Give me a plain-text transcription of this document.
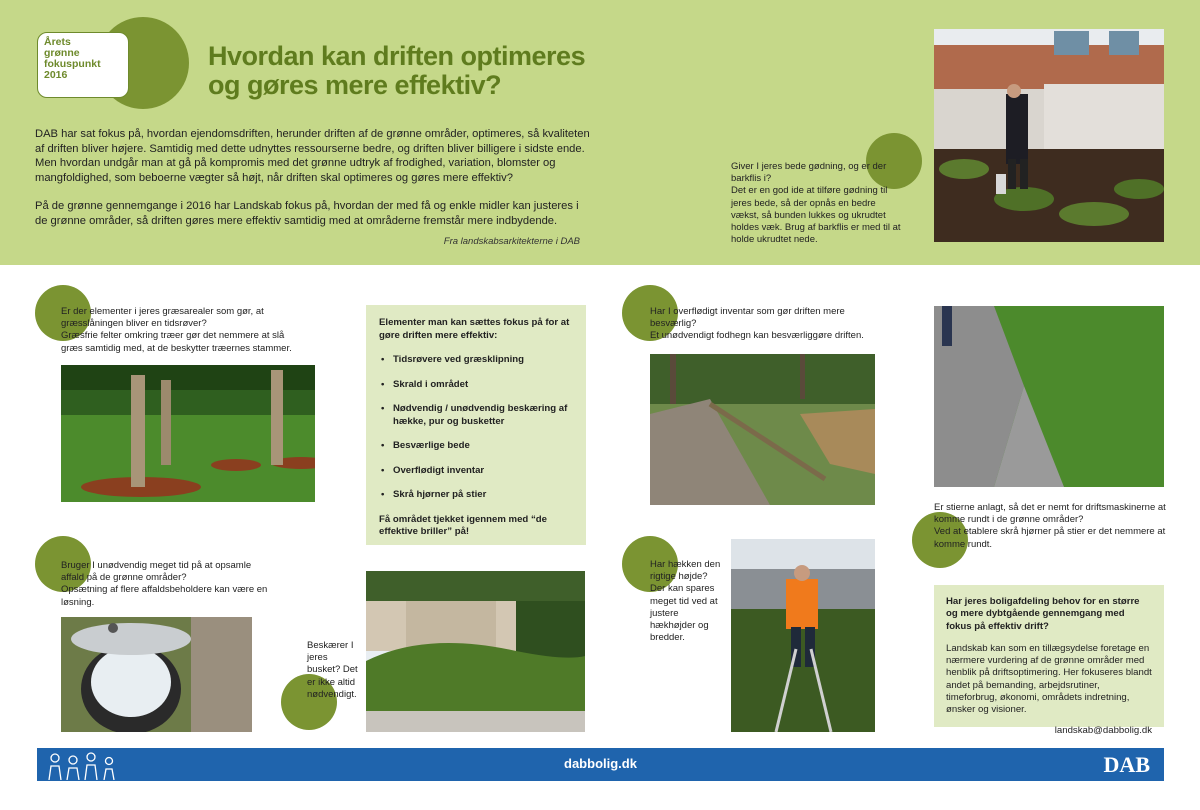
Årets
grønne
fokuspunkt
2016
Hvordan kan driften optimeres
og gøres mere effektiv?

DAB har sat fokus på, hvordan ejendomsdriften, herunder driften af de grønne områder, optimeres, så kvaliteten af driften bliver højere. Samtidig med dette udnyttes ressourserne bedre, og driften bliver billigere i sidste ende. Men hvordan undgår man at gå på kompromis med det grønne udtryk af frodighed, variation, blomster og mangfoldighed, som beboerne vægter så højt, når driften skal optimeres og gøres mere effektiv?

På de grønne gennemgange i 2016 har Landskab fokus på, hvordan der med få og enkle midler kan justeres i de grønne områder, så driften gøres mere effektiv samtidig med at områderne fremstår mere indbydende.

Fra landskabsarkitekterne i DAB
Giver I jeres bede gødning, og er der barkflis i?
Det er en god ide at tilføre gødning til jeres bede, så der opnås en bedre vækst, så bunden lukkes og ukrudtet holdes væk. Brug af barkflis er med til at holde ukrudtet nede.
Er der elementer i jeres græsarealer som gør, at græsslåningen bliver en tidsrøver?
Græsfrie felter omkring træer gør det nemmere at slå græs samtidig med, at de beskytter træernes stammer.
Elementer man kan sættes fokus på for at gøre driften mere effektiv:
• Tidsrøvere ved græsklipning
• Skrald i området
• Nødvendig / unødvendig beskæring af hække, pur og busketter
• Besværlige bede
• Overflødigt inventar
• Skrå hjørner på stier
Få området tjekket igennem med “de effektive briller” på!
Bruger I unødvendig meget tid på at opsamle affald på de grønne områder?
Opsætning af flere affaldsbeholdere kan være en løsning.
Beskærer I jeres busket? Det er ikke altid nødvendigt.
Har I overflødigt inventar som gør driften mere besværlig?
Et unødvendigt fodhegn kan besværliggøre driften.
Er stierne anlagt, så det er nemt for driftsmaskinerne at komme rundt i de grønne områder?
Ved at etablere skrå hjørner på stier er det nemmere at komme rundt.
Har hækken den rigtige højde?
Der kan spares meget tid ved at justere hækhøjder og bredder.
Har jeres boligafdeling behov for en større og mere dybtgående gennemgang med fokus på effektiv drift?
Landskab kan som en tillægsydelse foretage en nærmere vurdering af de grønne områder med henblik på driftsoptimering. Her fokuseres blandt andet på bemanding, arbejdsrutiner, timeforbrug, økonomi, områdets indretning, ønsker og visioner.
landskab@dabbolig.dk
dabbolig.dk	DAB
